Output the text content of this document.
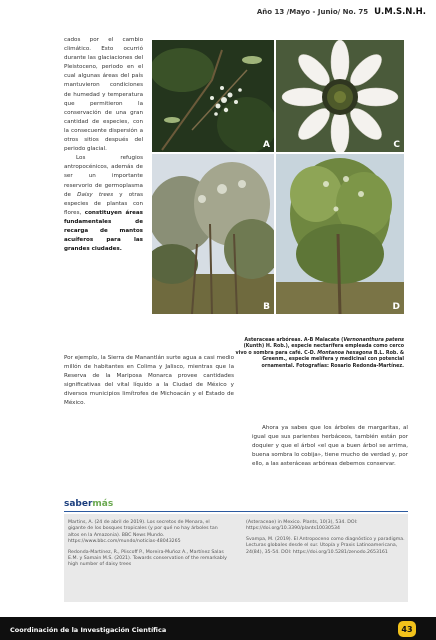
Año 13 /Mayo - Junio/ No. 75 U.M.S.N.H.

cados por el cambio climático. Esto ocurrió durante las glaciaciones del Pleistoceno, periodo en el cual algunas áreas del país mantuvieron condiciones de humedad y temperatura que permitieron la conservación de una gran cantidad de especies, con la consecuente dispersión a otros sitios después del periodo glacial.

Los refugios antropocénicos, además de ser un importante reservorio de germoplasma de Daisy trees y otras especies de plantas con flores, constituyen áreas fundamentales de recarga de mantos acuíferos para las grandes ciudades.

Por ejemplo, la Sierra de Manantlán surte agua a casi medio millón de habitantes en Colima y Jalisco, mientras que la Reserva de la Mariposa Monarca provee cantidades significativas del vital líquido a la Ciudad de México y diversos municipios limítrofes de Michoacán y el Estado de México.
A	C
B	D
Asteraceae arbóreas. A-B Malacate (Vernonanthura patens (Kunth) H. Rob.), especie nectarífera empleada como cerco vivo o sombra para café. C-D. Montanoa hexagona B.L. Rob. & Greenm., especie melífera y medicinal con potencial ornamental. Fotografías: Rosario Redonda-Martínez.
Ahora ya sabes que los árboles de margaritas, al igual que sus parientes herbáceos, también están por doquier y que el árbol «el que a buen árbol se arrima, buena sombra lo cobija», tiene mucho de verdad y, por ello, a las asteráceas arbóreas debemos conservar.
saber más

Martins, A. (24 de abril de 2019). Los secretos de Menara, el gigante de los bosques tropicales (y por qué no hay árboles tan altos en la Amazonia). BBC News Mundo. https://www.bbc.com/mundo/noticias-48043265

Redonda-Martínez, R., Pliscoff P., Moreira-Muñoz A., Martínez Salas E.M. y Samain M.S. (2021). Towards conservation of the remarkably high number of daisy trees

(Asteraceae) in Mexico. Plants, 10(3), 534. DOI: https://doi.org/10.3390/plants10030534

Svampa, M. (2019). El Antropoceno como diagnóstico y paradigma. Lecturas globales desde el sur. Utopía y Praxis Latinoamericana, 24(84), 35-54. DOI: https://doi.org/10.5281/zenodo.2653161

Coordinación de la Investigación Científica	43
